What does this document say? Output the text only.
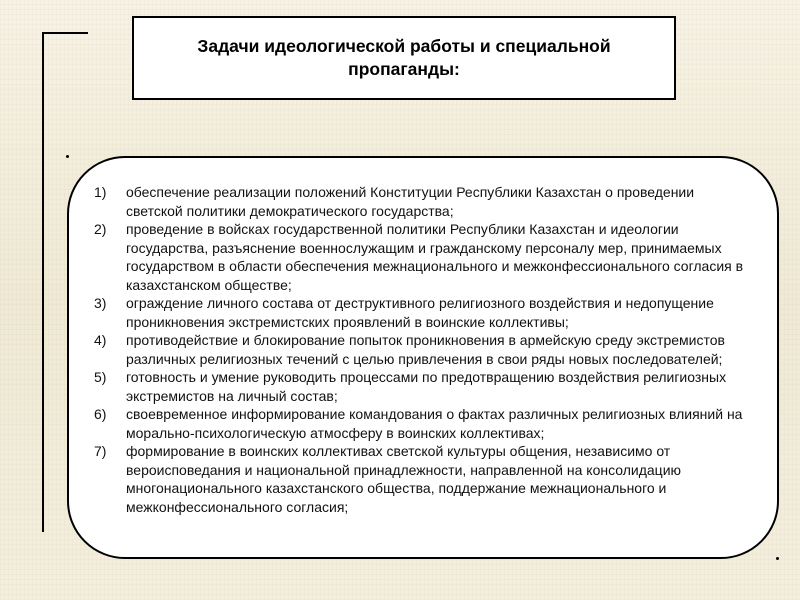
Задачи идеологической работы и специальной пропаганды:
1)	обеспечение реализации положений Конституции Республики Казахстан о проведении светской политики демократического государства;
2)	проведение в войсках государственной политики Республики Казахстан и идеологии государства, разъяснение военнослужащим и гражданскому персоналу мер, принимаемых государством в области обеспечения межнационального и межконфессионального согласия в казахстанском обществе;
3)	ограждение личного состава от деструктивного религиозного воздействия и недопущение проникновения экстремистских проявлений в воинские коллективы;
4)	противодействие и блокирование попыток проникновения в армейскую среду экстремистов различных религиозных течений с целью привлечения в свои ряды новых последователей;
5)	готовность и умение руководить процессами по предотвращению воздействия религиозных экстремистов на личный состав;
6)	своевременное информирование командования о фактах различных религиозных влияний на морально-психологическую атмосферу в воинских коллективах;
7)	формирование в воинских коллективах светской культуры общения, независимо от вероисповедания и национальной принадлежности, направленной на консолидацию многонационального казахстанского общества, поддержание межнационального и межконфессионального согласия;
